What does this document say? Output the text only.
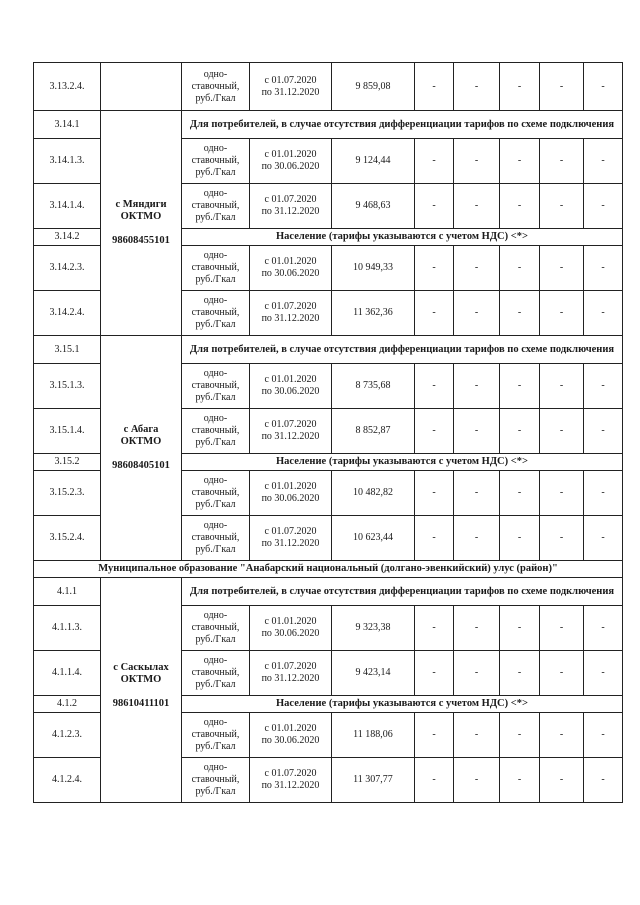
3.13.2.4.		одно-
ставочный,
руб./Гкал	с 01.07.2020
по 31.12.2020	9 859,08	-	-	-	-	-
3.14.1	с Мяндиги
ОКТМО

98608455101	Для потребителей, в случае отсутствия дифференциации тарифов по схеме подключения							
3.14.1.3.		одно-
ставочный,
руб./Гкал	с 01.01.2020
по 30.06.2020	9 124,44	-	-	-	-	-
3.14.1.4.		одно-
ставочный,
руб./Гкал	с 01.07.2020
по 31.12.2020	9 468,63	-	-	-	-	-
3.14.2		Население (тарифы указываются с учетом НДС) <*>							
3.14.2.3.		одно-
ставочный,
руб./Гкал	с 01.01.2020
по 30.06.2020	10 949,33	-	-	-	-	-
3.14.2.4.		одно-
ставочный,
руб./Гкал	с 01.07.2020
по 31.12.2020	11 362,36	-	-	-	-	-
3.15.1	с Абага
ОКТМО

98608405101	Для потребителей, в случае отсутствия дифференциации тарифов по схеме подключения							
3.15.1.3.		одно-
ставочный,
руб./Гкал	с 01.01.2020
по 30.06.2020	8 735,68	-	-	-	-	-
3.15.1.4.		одно-
ставочный,
руб./Гкал	с 01.07.2020
по 31.12.2020	8 852,87	-	-	-	-	-
3.15.2		Население (тарифы указываются с учетом НДС) <*>							
3.15.2.3.		одно-
ставочный,
руб./Гкал	с 01.01.2020
по 30.06.2020	10 482,82	-	-	-	-	-
3.15.2.4.		одно-
ставочный,
руб./Гкал	с 01.07.2020
по 31.12.2020	10 623,44	-	-	-	-	-
Муниципальное образование "Анабарский национальный (долгано-эвенкийский) улус (район)"									
4.1.1	с Саскылах
ОКТМО

98610411101	Для потребителей, в случае отсутствия дифференциации тарифов по схеме подключения							
4.1.1.3.		одно-
ставочный,
руб./Гкал	с 01.01.2020
по 30.06.2020	9 323,38	-	-	-	-	-
4.1.1.4.		одно-
ставочный,
руб./Гкал	с 01.07.2020
по 31.12.2020	9 423,14	-	-	-	-	-
4.1.2		Население (тарифы указываются с учетом НДС) <*>							
4.1.2.3.		одно-
ставочный,
руб./Гкал	с 01.01.2020
по 30.06.2020	11 188,06	-	-	-	-	-
4.1.2.4.		одно-
ставочный,
руб./Гкал	с 01.07.2020
по 31.12.2020	11 307,77	-	-	-	-	-
